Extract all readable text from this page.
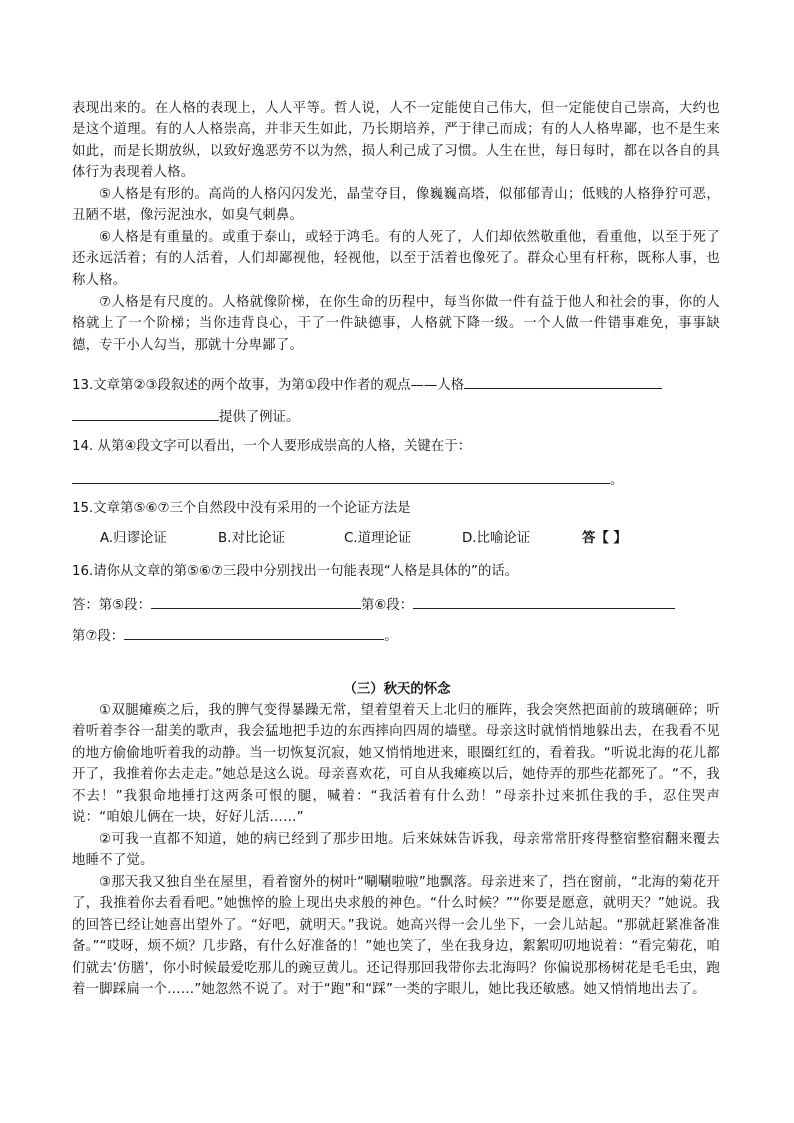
表现出来的。在人格的表现上，人人平等。哲人说，人不一定能使自己伟大，但一定能使自己崇高，大约也是这个道理。有的人人格崇高，并非天生如此，乃长期培养，严于律己而成；有的人人格卑鄙，也不是生来如此，而是长期放纵，以致好逸恶劳不以为然，损人利己成了习惯。人生在世，每日每时，都在以各自的具体行为表现着人格。

⑤人格是有形的。高尚的人格闪闪发光，晶莹夺目，像巍巍高塔，似郁郁青山；低贱的人格狰狞可恶，丑陋不堪，像污泥浊水，如臭气刺鼻。

⑥人格是有重量的。或重于泰山，或轻于鸿毛。有的人死了，人们却依然敬重他，看重他，以至于死了还永远活着；有的人活着，人们却鄙视他，轻视他，以至于活着也像死了。群众心里有杆称，既称人事，也称人格。

⑦人格是有尺度的。人格就像阶梯，在你生命的历程中，每当你做一件有益于他人和社会的事，你的人格就上了一个阶梯；当你违背良心，干了一件缺德事，人格就下降一级。一个人做一件错事难免，事事缺德，专干小人勾当，那就十分卑鄙了。

13.文章第②③段叙述的两个故事，为第①段中作者的观点——人格
提供了例证。
14. 从第④段文字可以看出，一个人要形成崇高的人格，关键在于：
。
15.文章第⑤⑥⑦三个自然段中没有采用的一个论证方法是
A.归谬论证	B.对比论证	C.道理论证	D.比喻论证	答【 】
16.请你从文章的第⑤⑥⑦三段中分别找出一句能表现“人格是具体的”的话。
答：第⑤段：	第⑥段：
第⑦段：	。
（三）秋天的怀念

①双腿瘫痪之后，我的脾气变得暴躁无常，望着望着天上北归的雁阵，我会突然把面前的玻璃砸碎；听着听着李谷一甜美的歌声，我会猛地把手边的东西摔向四周的墙壁。母亲这时就悄悄地躲出去，在我看不见的地方偷偷地听着我的动静。当一切恢复沉寂，她又悄悄地进来，眼圈红红的，看着我。“听说北海的花儿都开了，我推着你去走走。”她总是这么说。母亲喜欢花，可自从我瘫痪以后，她侍弄的那些花都死了。“不，我不去！”我狠命地捶打这两条可恨的腿，喊着：“我活着有什么劲！”母亲扑过来抓住我的手，忍住哭声说：“咱娘儿俩在一块，好好儿活……”

②可我一直都不知道，她的病已经到了那步田地。后来妹妹告诉我，母亲常常肝疼得整宿整宿翻来覆去地睡不了觉。

③那天我又独自坐在屋里，看着窗外的树叶“唰唰啦啦”地飘落。母亲进来了，挡在窗前，“北海的菊花开了，我推着你去看看吧。”她憔悴的脸上现出央求般的神色。“什么时候？”“你要是愿意，就明天？”她说。我的回答已经让她喜出望外了。“好吧，就明天。”我说。她高兴得一会儿坐下，一会儿站起。“那就赶紧准备准备。”“哎呀，烦不烦？几步路，有什么好准备的！”她也笑了，坐在我身边，絮絮叨叨地说着：“看完菊花，咱们就去‘仿膳’，你小时候最爱吃那儿的豌豆黄儿。还记得那回我带你去北海吗？你偏说那杨树花是毛毛虫，跑着一脚踩扁一个……”她忽然不说了。对于“跑”和“踩”一类的字眼儿，她比我还敏感。她又悄悄地出去了。
